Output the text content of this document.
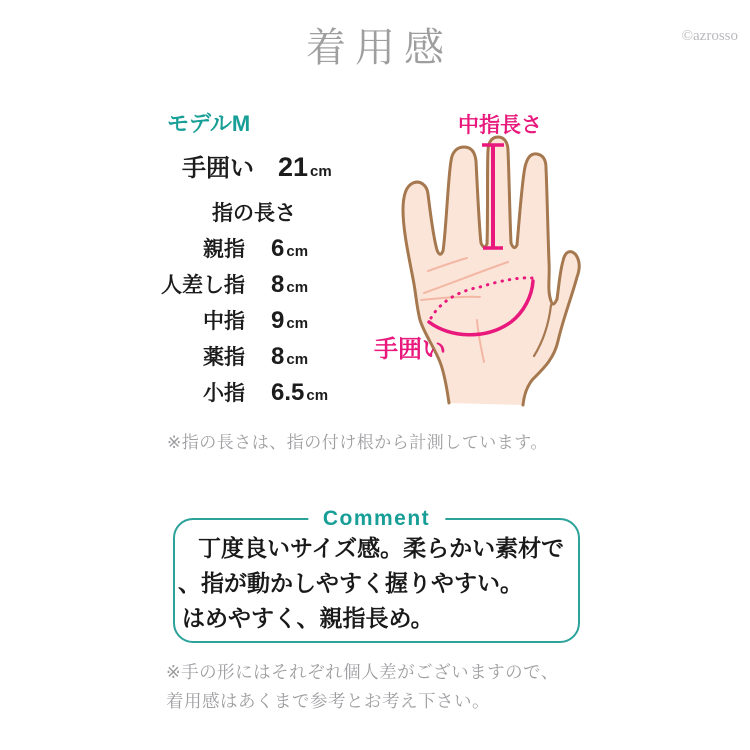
着用感	©azrosso
モデルM
手囲い 21 cm
指の長さ
親指 6 cm
人差し指 8 cm
中指 9 cm
薬指 8 cm
小指 6.5 cm
※指の長さは、指の付け根から計測しています。
中指長さ
手囲い
Comment
丁度良いサイズ感。柔らかい素材で
、指が動かしやすく握りやすい。
はめやすく、親指長め。
※手の形にはそれぞれ個人差がございますので、
着用感はあくまで参考とお考え下さい。
